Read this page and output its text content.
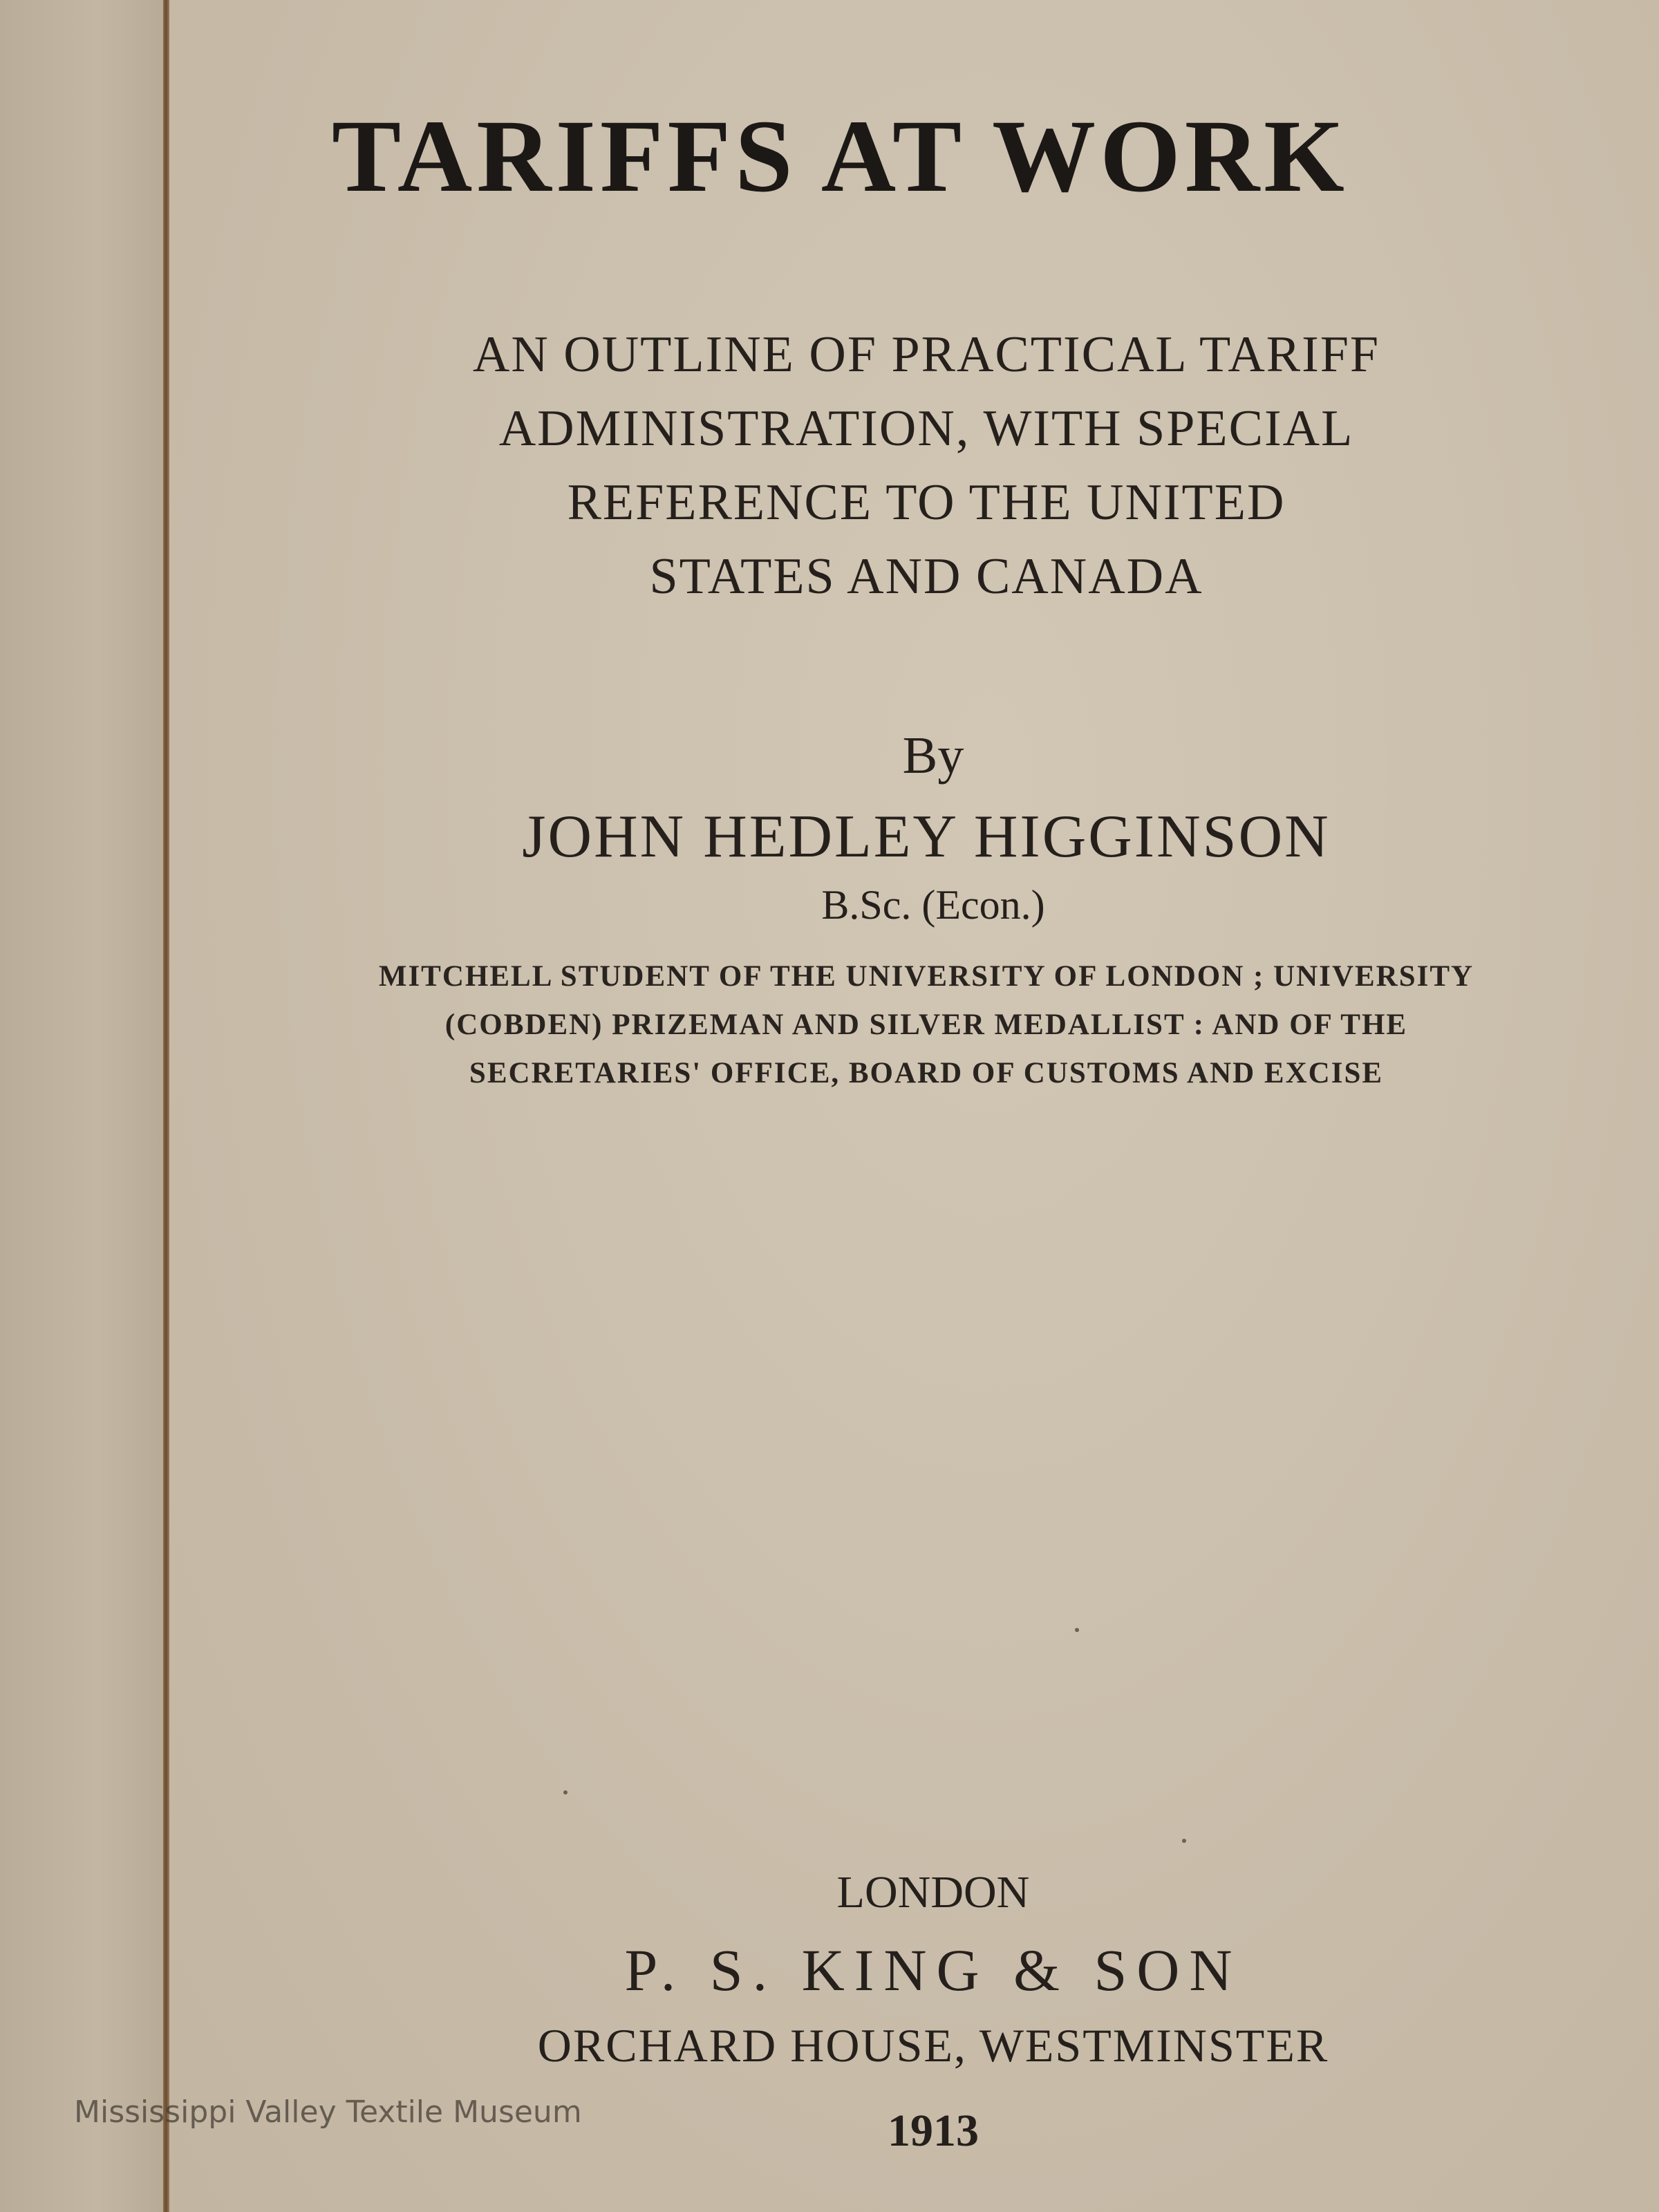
TARIFFS AT WORK
AN OUTLINE OF PRACTICAL TARIFF
ADMINISTRATION, WITH SPECIAL
REFERENCE TO THE UNITED
STATES AND CANADA
By
JOHN HEDLEY HIGGINSON
B.Sc. (Econ.)
MITCHELL STUDENT OF THE UNIVERSITY OF LONDON ; UNIVERSITY
(COBDEN) PRIZEMAN AND SILVER MEDALLIST : AND OF THE
SECRETARIES' OFFICE, BOARD OF CUSTOMS AND EXCISE
LONDON
P. S. KING & SON
ORCHARD HOUSE, WESTMINSTER
1913
Mississippi Valley Textile Museum
